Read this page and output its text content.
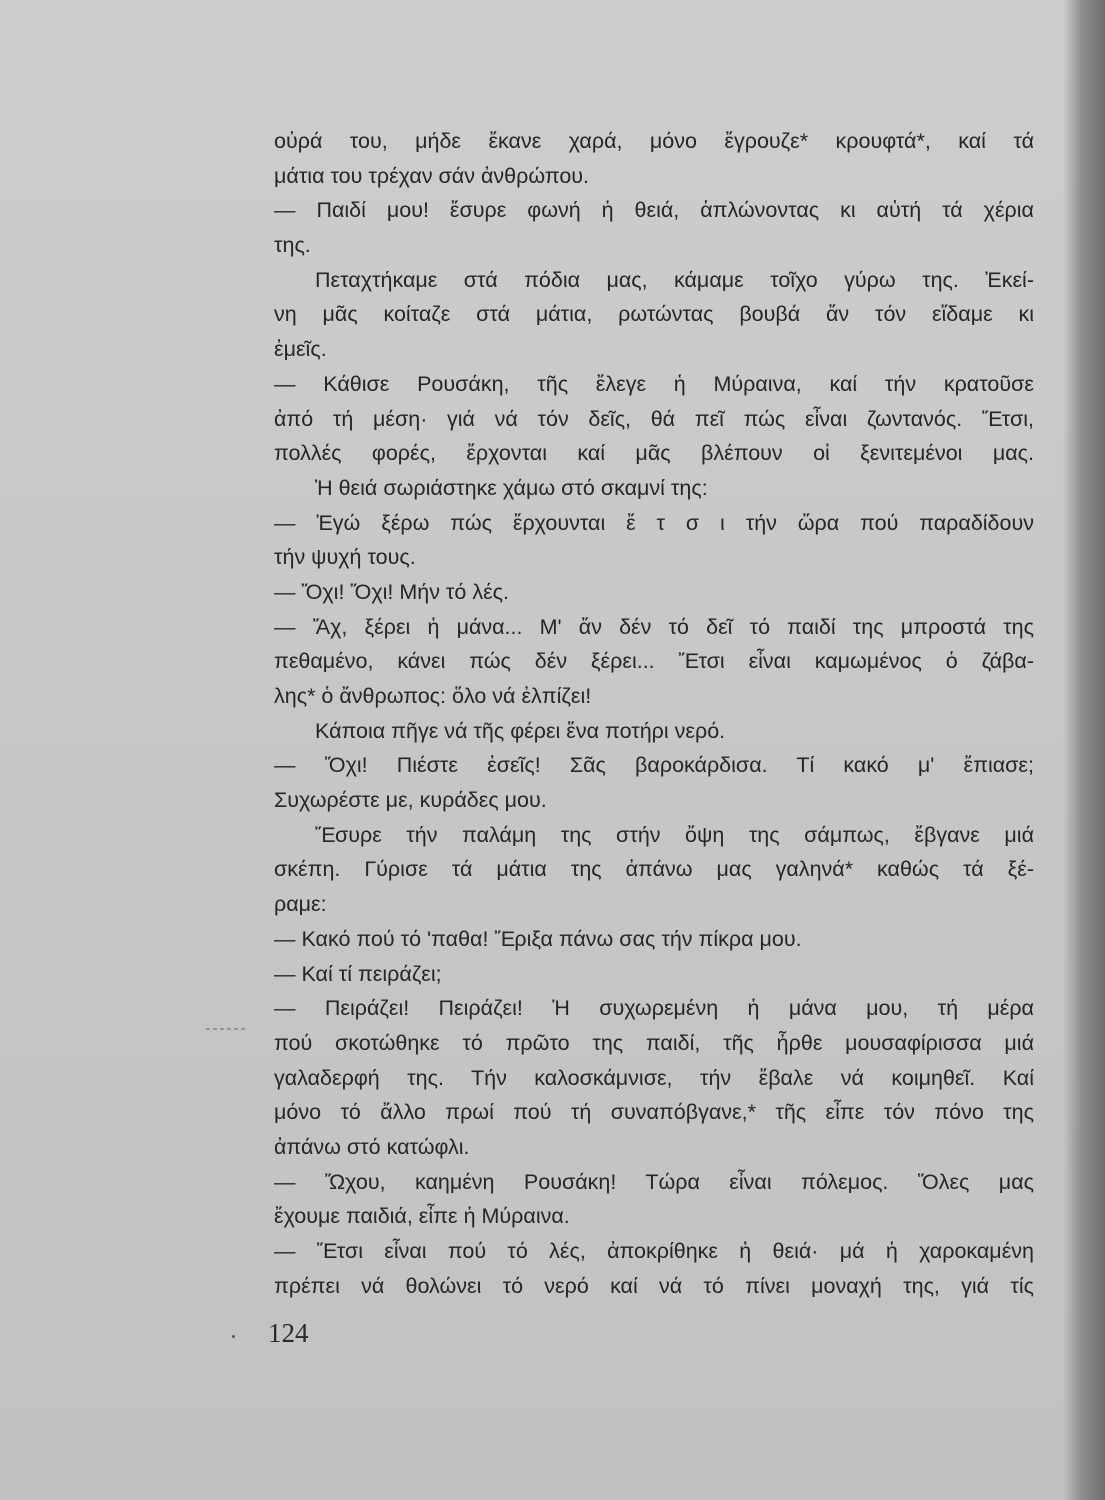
οὐρά του, μήδε ἔκανε χαρά, μόνο ἔγρουζε* κρουφτά*, καί τά
μάτια του τρέχαν σάν ἀνθρώπου.
— Παιδί μου! ἔσυρε φωνή ἡ θειά, ἁπλώνοντας κι αὐτή τά χέρια
της.
Πεταχτήκαμε στά πόδια μας, κάμαμε τοῖχο γύρω της. Ἐκεί-
νη μᾶς κοίταζε στά μάτια, ρωτώντας βουβά ἄν τόν εἴδαμε κι
ἐμεῖς.
— Κάθισε Ρουσάκη, τῆς ἔλεγε ἡ Μύραινα, καί τήν κρατοῦσε
ἀπό τή μέση· γιά νά τόν δεῖς, θά πεῖ πώς εἶναι ζωντανός. Ἔτσι,
πολλές φορές, ἔρχονται καί μᾶς βλέπουν οἱ ξενιτεμένοι μας.
Ἡ θειά σωριάστηκε χάμω στό σκαμνί της:
— Ἐγώ ξέρω πώς ἔρχουνται ἔ τ σ ι τήν ὥρα πού παραδίδουν
τήν ψυχή τους.
— Ὄχι! Ὄχι! Μήν τό λές.
— Ἄχ, ξέρει ἡ μάνα... Μ' ἄν δέν τό δεῖ τό παιδί της μπροστά της
πεθαμένο, κάνει πώς δέν ξέρει... Ἔτσι εἶναι καμωμένος ὁ ζάβα-
λης* ὁ ἄνθρωπος: ὅλο νά ἐλπίζει!
Κάποια πῆγε νά τῆς φέρει ἕνα ποτήρι νερό.
— Ὄχι! Πιέστε ἐσεῖς! Σᾶς βαροκάρδισα. Τί κακό μ' ἔπιασε;
Συχωρέστε με, κυράδες μου.
Ἔσυρε τήν παλάμη της στήν ὄψη της σάμπως, ἔβγανε μιά
σκέπη. Γύρισε τά μάτια της ἀπάνω μας γαληνά* καθώς τά ξέ-
ραμε:
— Κακό πού τό 'παθα! Ἔριξα πάνω σας τήν πίκρα μου.
— Καί τί πειράζει;
— Πειράζει! Πειράζει! Ἡ συχωρεμένη ἡ μάνα μου, τή μέρα
πού σκοτώθηκε τό πρῶτο της παιδί, τῆς ἦρθε μουσαφίρισσα μιά
γαλαδερφή της. Τήν καλοσκάμνισε, τήν ἔβαλε νά κοιμηθεῖ. Καί
μόνο τό ἄλλο πρωί πού τή συναπόβγανε,* τῆς εἶπε τόν πόνο της
ἀπάνω στό κατώφλι.
— Ὤχου, καημένη Ρουσάκη! Τώρα εἶναι πόλεμος. Ὅλες μας
ἔχουμε παιδιά, εἶπε ἡ Μύραινα.
— Ἔτσι εἶναι πού τό λές, ἀποκρίθηκε ἡ θειά· μά ἡ χαροκαμένη
πρέπει νά θολώνει τό νερό καί νά τό πίνει μοναχή της, γιά τίς
124
